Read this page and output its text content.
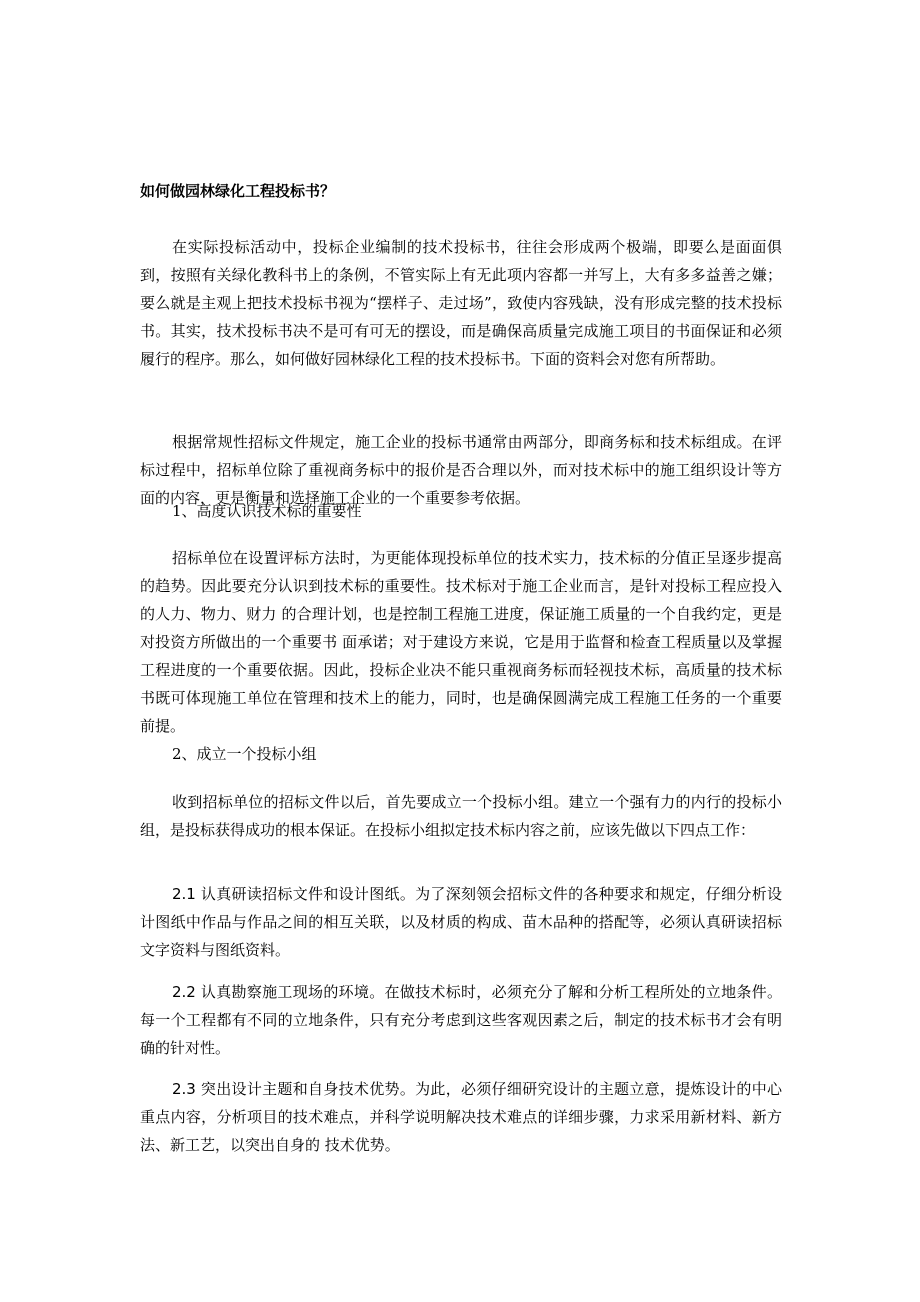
如何做园林绿化工程投标书？

在实际投标活动中，投标企业编制的技术投标书，往往会形成两个极端，即要么是面面俱到，按照有关绿化教科书上的条例，不管实际上有无此项内容都一并写上，大有多多益善之嫌；要么就是主观上把技术投标书视为“摆样子、走过场”，致使内容残缺，没有形成完整的技术投标书。其实，技术投标书决不是可有可无的摆设，而是确保高质量完成施工项目的书面保证和必须履行的程序。那么，如何做好园林绿化工程的技术投标书。下面的资料会对您有所帮助。

根据常规性招标文件规定，施工企业的投标书通常由两部分，即商务标和技术标组成。在评标过程中，招标单位除了重视商务标中的报价是否合理以外，而对技术标中的施工组织设计等方面的内容，更是衡量和选择施工企业的一个重要参考依据。

1、高度认识技术标的重要性

招标单位在设置评标方法时，为更能体现投标单位的技术实力，技术标的分值正呈逐步提高的趋势。因此要充分认识到技术标的重要性。技术标对于施工企业而言，是针对投标工程应投入的人力、物力、财力 的合理计划，也是控制工程施工进度，保证施工质量的一个自我约定，更是对投资方所做出的一个重要书 面承诺；对于建设方来说，它是用于监督和检查工程质量以及掌握工程进度的一个重要依据。因此，投标企业决不能只重视商务标而轻视技术标，高质量的技术标书既可体现施工单位在管理和技术上的能力，同时，也是确保圆满完成工程施工任务的一个重要前提。

2、成立一个投标小组

收到招标单位的招标文件以后，首先要成立一个投标小组。建立一个强有力的内行的投标小组，是投标获得成功的根本保证。在投标小组拟定技术标内容之前，应该先做以下四点工作：

2.1 认真研读招标文件和设计图纸。为了深刻领会招标文件的各种要求和规定，仔细分析设计图纸中作品与作品之间的相互关联，以及材质的构成、苗木品种的搭配等，必须认真研读招标文字资料与图纸资料。

2.2 认真勘察施工现场的环境。在做技术标时，必须充分了解和分析工程所处的立地条件。每一个工程都有不同的立地条件，只有充分考虑到这些客观因素之后，制定的技术标书才会有明确的针对性。

2.3 突出设计主题和自身技术优势。为此，必须仔细研究设计的主题立意，提炼设计的中心重点内容，分析项目的技术难点，并科学说明解决技术难点的详细步骤，力求采用新材料、新方法、新工艺，以突出自身的 技术优势。
